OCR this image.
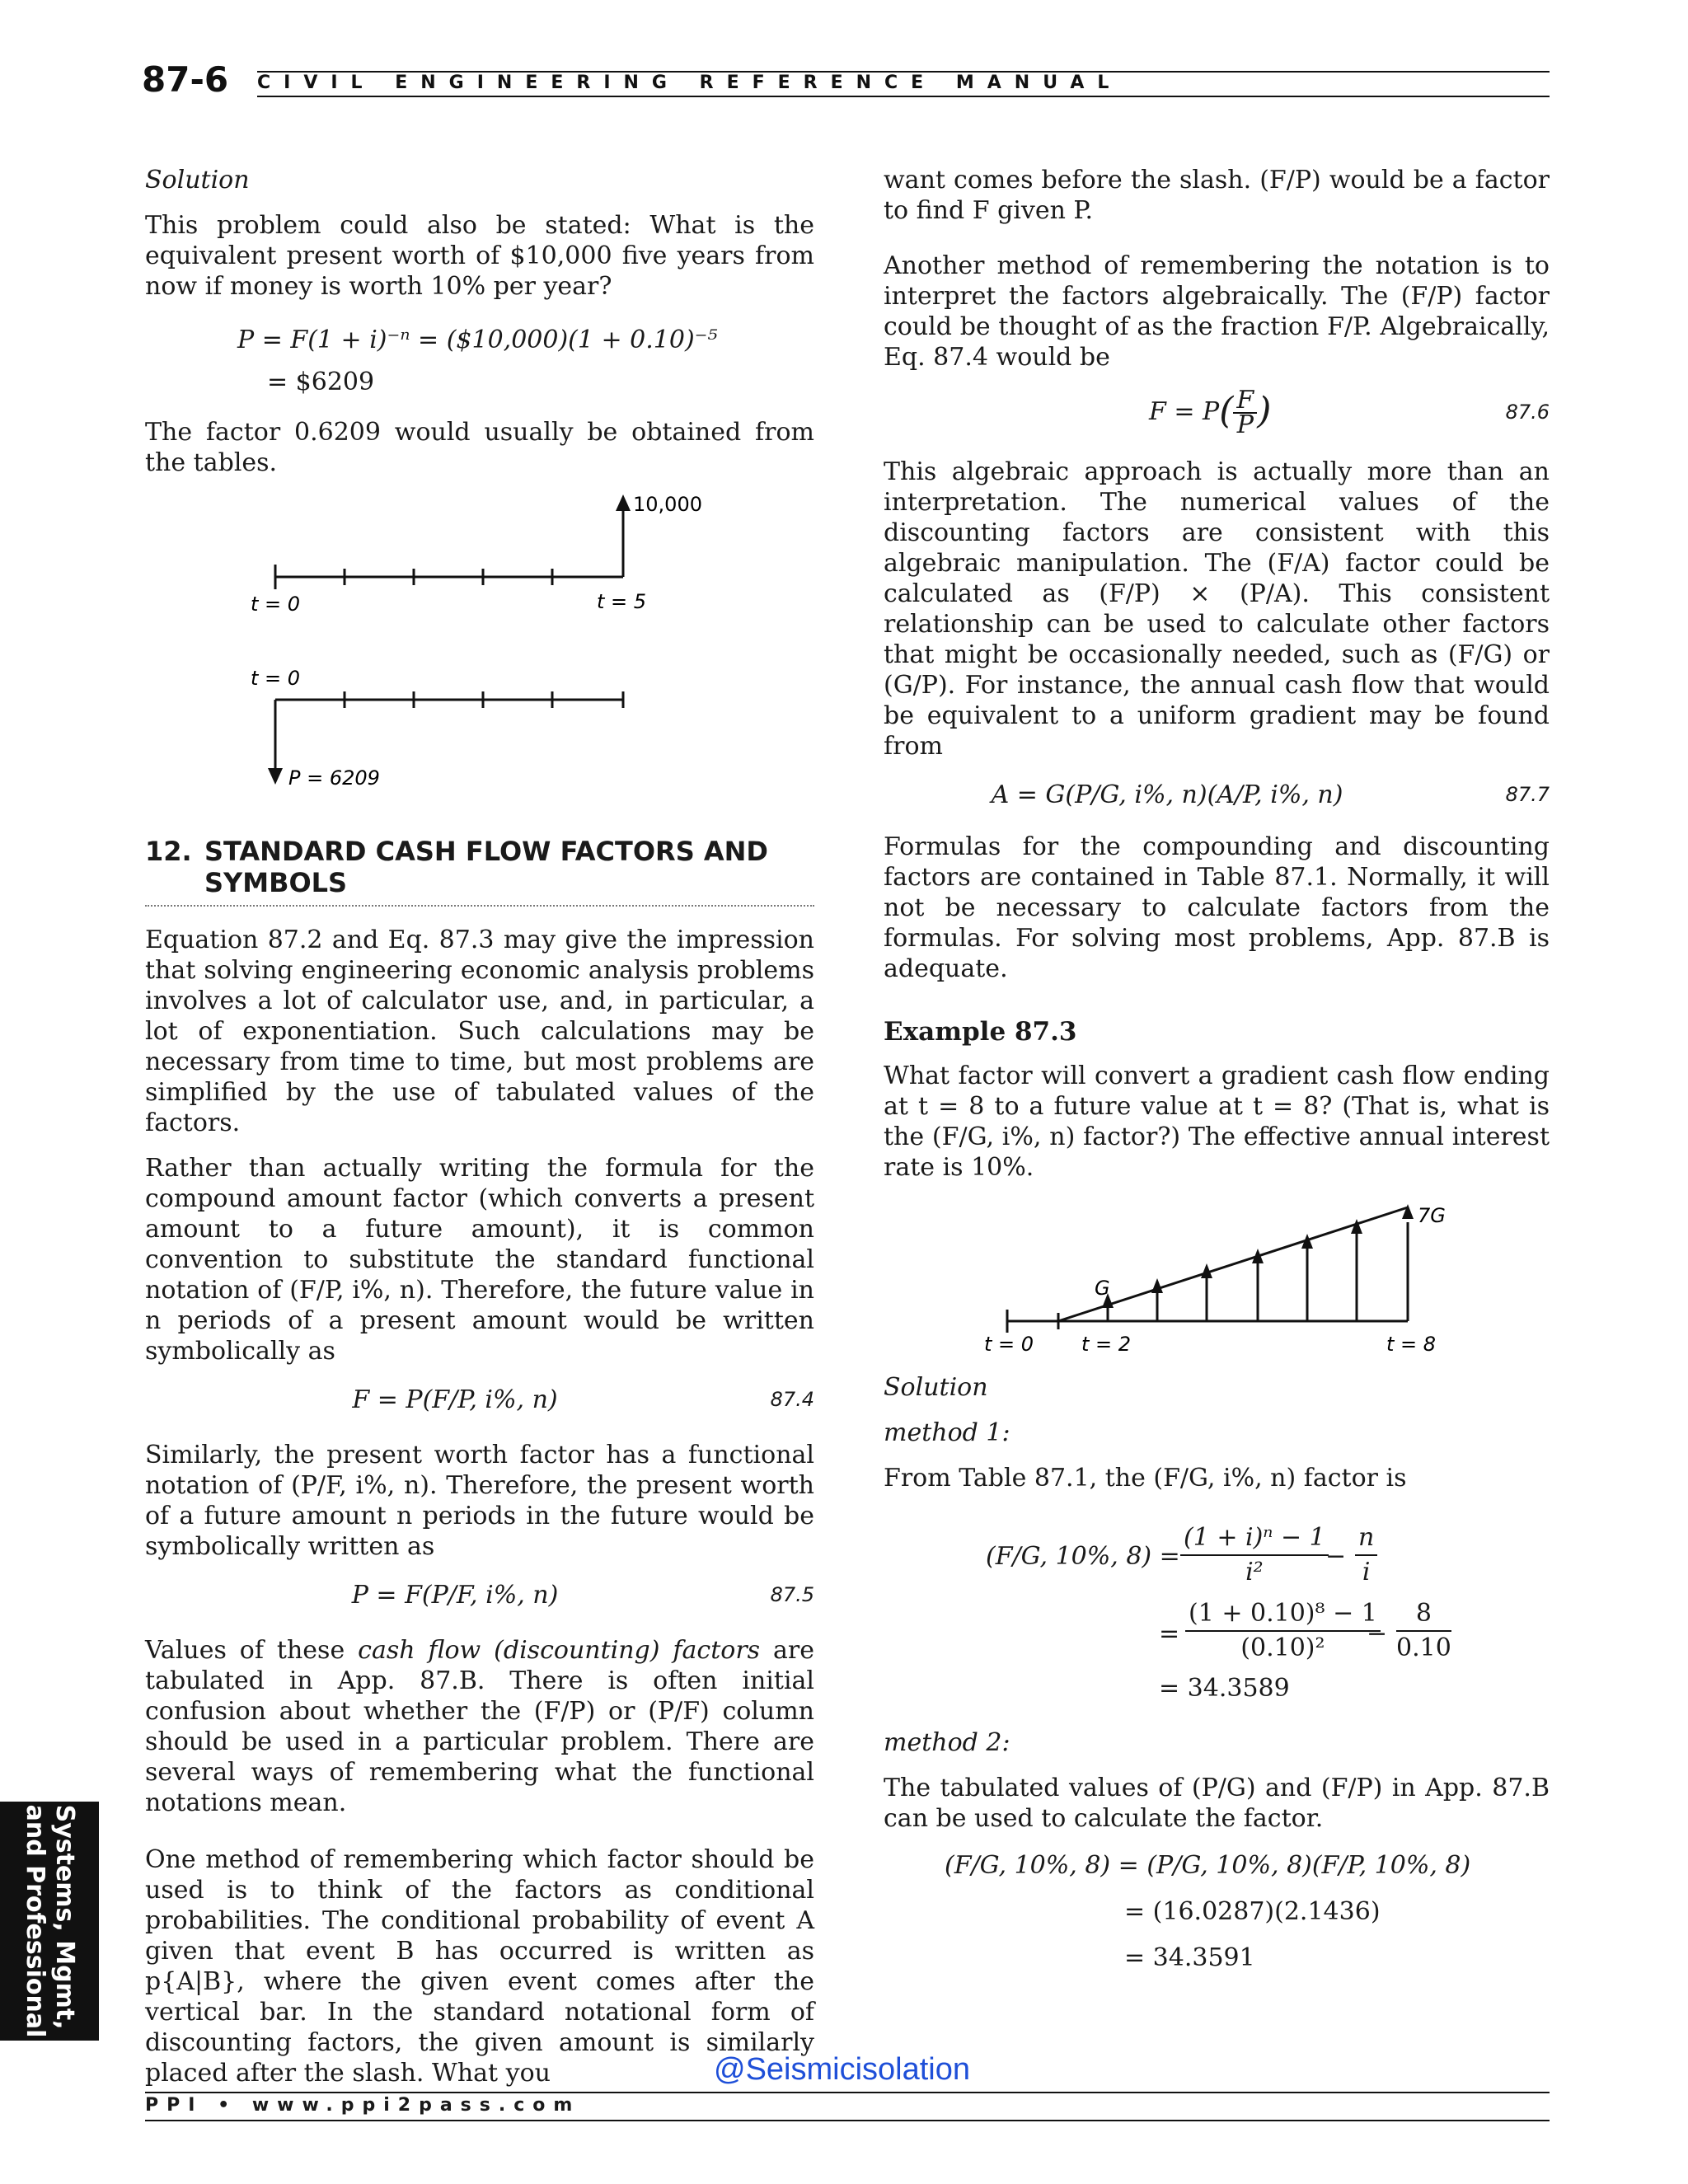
87-6 CIVIL ENGINEERING REFERENCE MANUAL
Solution
This problem could also be stated: What is the equivalent present worth of $10,000 five years from now if money is worth 10% per year?
P = F(1 + i)⁻ⁿ = ($10,000)(1 + 0.10)⁻⁵
= $6209
The factor 0.6209 would usually be obtained from the tables.
10,000
t = 0	t = 5
t = 0
P = 6209
12. STANDARD CASH FLOW FACTORS AND
SYMBOLS
Equation 87.2 and Eq. 87.3 may give the impression that solving engineering economic analysis problems involves a lot of calculator use, and, in particular, a lot of exponentiation. Such calculations may be necessary from time to time, but most problems are simplified by the use of tabulated values of the factors.
Rather than actually writing the formula for the compound amount factor (which converts a present amount to a future amount), it is common convention to substitute the standard functional notation of (F/P, i%, n). Therefore, the future value in n periods of a present amount would be written symbolically as
F = P(F/P, i%, n)	87.4
Similarly, the present worth factor has a functional notation of (P/F, i%, n). Therefore, the present worth of a future amount n periods in the future would be symbolically written as
P = F(P/F, i%, n)	87.5
Values of these cash flow (discounting) factors are tabulated in App. 87.B. There is often initial confusion about whether the (F/P) or (P/F) column should be used in a particular problem. There are several ways of remembering what the functional notations mean.
One method of remembering which factor should be used is to think of the factors as conditional probabilities. The conditional probability of event A given that event B has occurred is written as p{A|B}, where the given event comes after the vertical bar. In the standard notational form of discounting factors, the given amount is similarly placed after the slash. What you
want comes before the slash. (F/P) would be a factor to find F given P.
Another method of remembering the notation is to interpret the factors algebraically. The (F/P) factor could be thought of as the fraction F/P. Algebraically, Eq. 87.4 would be
$F = P( \frac{F}{P}$ )	87.6
This algebraic approach is actually more than an interpretation. The numerical values of the discounting factors are consistent with this algebraic manipulation. The (F/A) factor could be calculated as (F/P) × (P/A). This consistent relationship can be used to calculate other factors that might be occasionally needed, such as (F/G) or (G/P). For instance, the annual cash flow that would be equivalent to a uniform gradient may be found from
A = G(P/G, i%, n)(A/P, i%, n)	87.7
Formulas for the compounding and discounting factors are contained in Table 87.1. Normally, it will not be necessary to calculate factors from the formulas. For solving most problems, App. 87.B is adequate.
Example 87.3
What factor will convert a gradient cash flow ending at t = 8 to a future value at t = 8? (That is, what is the (F/G, i%, n) factor?) The effective annual interest rate is 10%.
7G
G
t = 0 t = 2	t = 8
Solution
method 1:
From Table 87.1, the (F/G, i%, n) factor is
(F/G, 10%, $8) = \frac{\text{(1 + i)ⁿ − 1}}{\text{i²}}$
− $\frac{n}{i}$
= $\frac{\text{(1 + 0.10)⁸ − 1}}{\text{(0.10)²}}$
− $\frac{8}{0.10}$
= 34.3589
method 2:
The tabulated values of (P/G) and (F/P) in App. 87.B can be used to calculate the factor.
(F/G, 10%, 8) = (P/G, 10%, 8)(F/P, 10%, 8)
= (16.0287)(2.1436)
= 34.3591
Systems, Mgmt,
and Professional
@Seismicisolation
PPI • www.ppi2pass.com
